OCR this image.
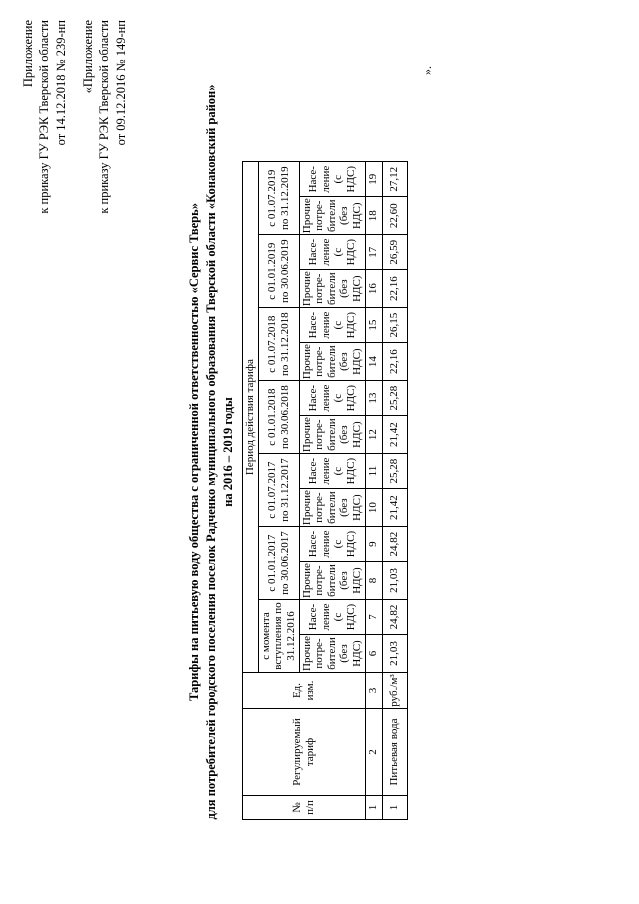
Приложение к приказу ГУ РЭК Тверской области от 14.12.2018 № 239-нп «Приложение к приказу ГУ РЭК Тверской области от 09.12.2016 № 149-нп
Тарифы на питьевую воду общества с ограниченной ответственностью «Сервис Тверь» для потребителей городского поселения поселок Радченко муниципального образования Тверской области «Конаковский район» на 2016 – 2019 годы
№ п/п	Регулируемый тариф	Ед. изм.	Период действия тарифа													
			с момента вступления по 31.12.2016		с 01.01.2017 по 30.06.2017		с 01.07.2017 по 31.12.2017		с 01.01.2018 по 30.06.2018		с 01.07.2018 по 31.12.2018		с 01.01.2019 по 30.06.2019		с 01.07.2019 по 31.12.2019	
			Прочие потре-бители (без НДС)	Насе-ление (с НДС)	Прочие потре-бители (без НДС)	Насе-ление (с НДС)	Прочие потре-бители (без НДС)	Насе-ление (с НДС)	Прочие потре-бители (без НДС)	Насе-ление (с НДС)	Прочие потре-бители (без НДС)	Насе-ление (с НДС)	Прочие потре-бители (без НДС)	Насе-ление (с НДС)	Прочие потре-бители (без НДС)	Насе-ление (с НДС)
1	2	3	6	7	8	9	10	11	12	13	14	15	16	17	18	19
1	Питьевая вода	руб./м³	21,03	24,82	21,03	24,82	21,42	25,28	21,42	25,28	22,16	26,15	22,16	26,59	22,60	27,12
».
